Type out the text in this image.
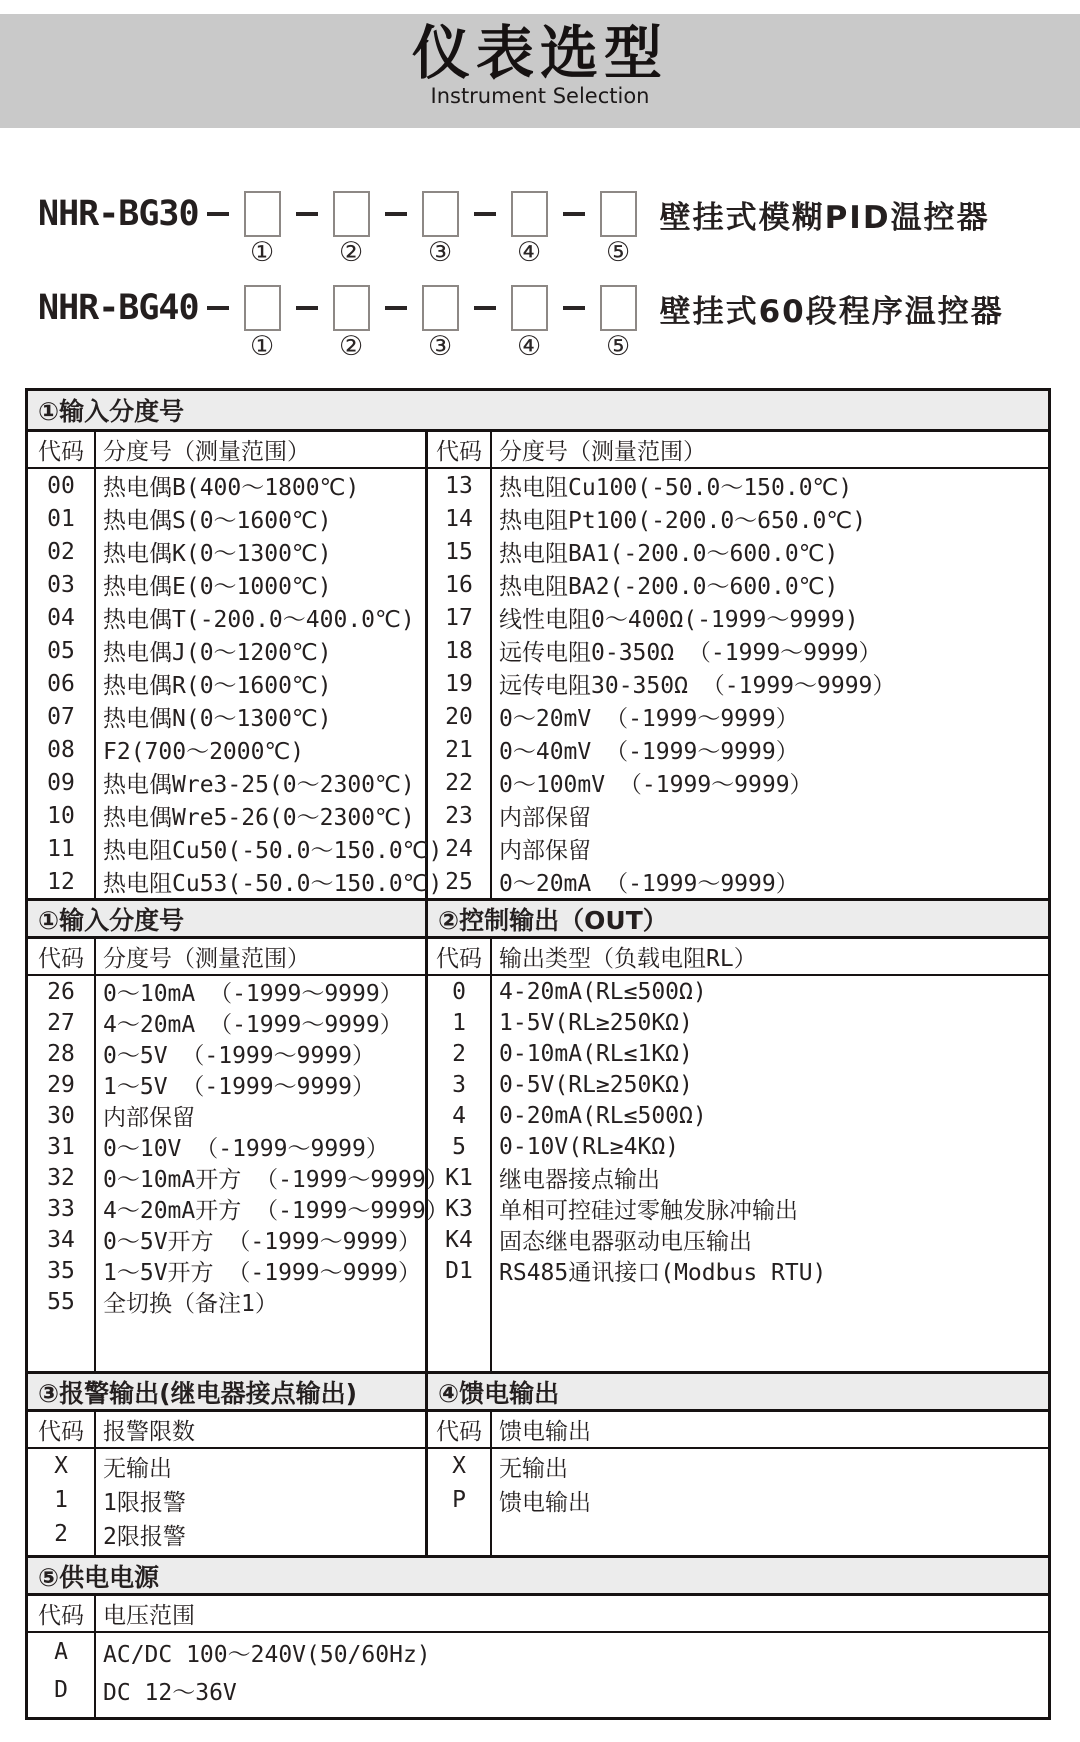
仪表选型
Instrument Selection
NHR-BG30
① ② ③ ④ ⑤
壁挂式模糊PID温控器
NHR-BG40
① ② ③ ④ ⑤
壁挂式60段程序温控器
①输入分度号
代码 分度号（测量范围）	代码 分度号（测量范围）
00	热电偶B(400～1800℃)
01	热电偶S(0～1600℃)
02	热电偶K(0～1300℃)
03	热电偶E(0～1000℃)
04	热电偶T(-200.0～400.0℃)
05	热电偶J(0～1200℃)
06	热电偶R(0～1600℃)
07	热电偶N(0～1300℃)
08	F2(700～2000℃)
09	热电偶Wre3-25(0～2300℃)
10	热电偶Wre5-26(0～2300℃)
11	热电阻Cu50(-50.0～150.0℃)
12	热电阻Cu53(-50.0～150.0℃)
13	热电阻Cu100(-50.0～150.0℃)
14	热电阻Pt100(-200.0～650.0℃)
15	热电阻BA1(-200.0～600.0℃)
16	热电阻BA2(-200.0～600.0℃)
17	线性电阻0～400Ω(-1999～9999)
18	远传电阻0-350Ω （-1999～9999）
19	远传电阻30-350Ω （-1999～9999）
20	0～20mV （-1999～9999）
21	0～40mV （-1999～9999）
22	0～100mV （-1999～9999）
23	内部保留
24	内部保留
25	0～20mA （-1999～9999）
①输入分度号	②控制输出（OUT）
代码 分度号（测量范围）	代码 输出类型（负载电阻RL）
26	0～10mA （-1999～9999）
27	4～20mA （-1999～9999）
28	0～5V （-1999～9999）
29	1～5V （-1999～9999）
30	内部保留
31	0～10V （-1999～9999）
32	0～10mA开方 （-1999～9999）
33	4～20mA开方 （-1999～9999）
34	0～5V开方 （-1999～9999）
35	1～5V开方 （-1999～9999）
55	全切换（备注1）
0	4-20mA(RL≤500Ω)
1	1-5V(RL≥250KΩ)
2	0-10mA(RL≤1KΩ)
3	0-5V(RL≥250KΩ)
4	0-20mA(RL≤500Ω)
5	0-10V(RL≥4KΩ)
K1	继电器接点输出
K3	单相可控硅过零触发脉冲输出
K4	固态继电器驱动电压输出
D1	RS485通讯接口(Modbus RTU)
③报警输出(继电器接点输出)	④馈电输出
代码 报警限数	代码 馈电输出
X	无输出
1	1限报警
2	2限报警
X	无输出
P	馈电输出
⑤供电电源
代码 电压范围
A	AC/DC 100～240V(50/60Hz)
D	DC 12～36V
